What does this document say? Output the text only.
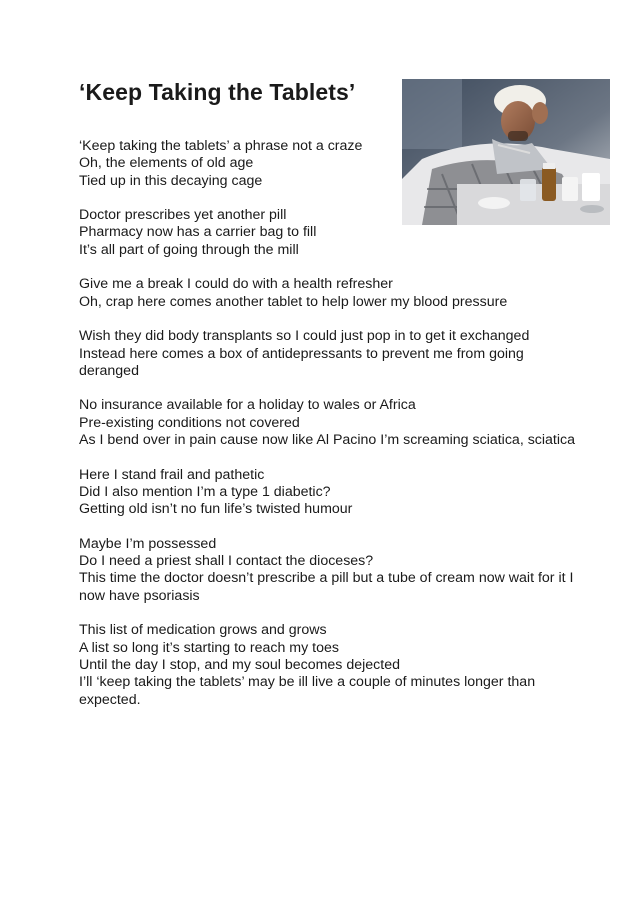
‘Keep Taking the Tablets’
‘Keep taking the tablets’ a phrase not a craze
Oh, the elements of old age
Tied up in this decaying cage
Doctor prescribes yet another pill
Pharmacy now has a carrier bag to fill
It’s all part of going through the mill
Give me a break I could do with a health refresher
Oh, crap here comes another tablet to help lower my blood pressure
Wish they did body transplants so I could just pop in to get it exchanged
Instead here comes a box of antidepressants to prevent me from going deranged
No insurance available for a holiday to wales or Africa
Pre-existing conditions not covered
As I bend over in pain cause now like Al Pacino I’m screaming sciatica, sciatica
Here I stand frail and pathetic
Did I also mention I’m a type 1 diabetic?
Getting old isn’t no fun life’s twisted humour
Maybe I’m possessed
Do I need a priest shall I contact the dioceses?
This time the doctor doesn’t prescribe a pill but a tube of cream now wait for it I now have psoriasis
This list of medication grows and grows
A list so long it’s starting to reach my toes
Until the day I stop, and my soul becomes dejected
I’ll ‘keep taking the tablets’ may be ill live a couple of minutes longer than expected.
